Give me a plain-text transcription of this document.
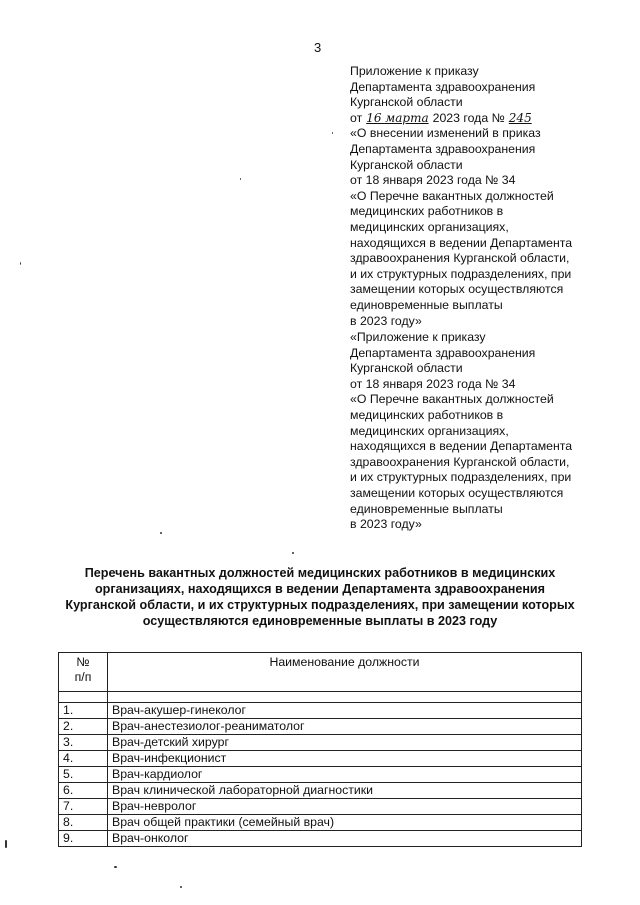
3

Приложение к приказу

Департамента здравоохранения

Курганской области

от 16 марта 2023 года № 245

«О внесении изменений в приказ

Департамента здравоохранения

Курганской области

от 18 января 2023 года № 34

«О Перечне вакантных должностей

медицинских работников в

медицинских организациях,

находящихся в ведении Департамента

здравоохранения Курганской области,

и их структурных подразделениях, при

замещении которых осуществляются

единовременные выплаты

в 2023 году»

«Приложение к приказу

Департамента здравоохранения

Курганской области

от 18 января 2023 года № 34

«О Перечне вакантных должностей

медицинских работников в

медицинских организациях,

находящихся в ведении Департамента

здравоохранения Курганской области,

и их структурных подразделениях, при

замещении которых осуществляются

единовременные выплаты

в 2023 году»

Перечень вакантных должностей медицинских работников в медицинских

организациях, находящихся в ведении Департамента здравоохранения

Курганской области, и их структурных подразделениях, при замещении которых

осуществляются единовременные выплаты в 2023 году

№
п/п	Наименование должности

1.	Врач-акушер-гинеколог
2.	Врач-анестезиолог-реаниматолог
3.	Врач-детский хирург
4.	Врач-инфекционист
5.	Врач-кардиолог
6.	Врач клинической лабораторной диагностики
7.	Врач-невролог
8.	Врач общей практики (семейный врач)
9.	Врач-онколог
